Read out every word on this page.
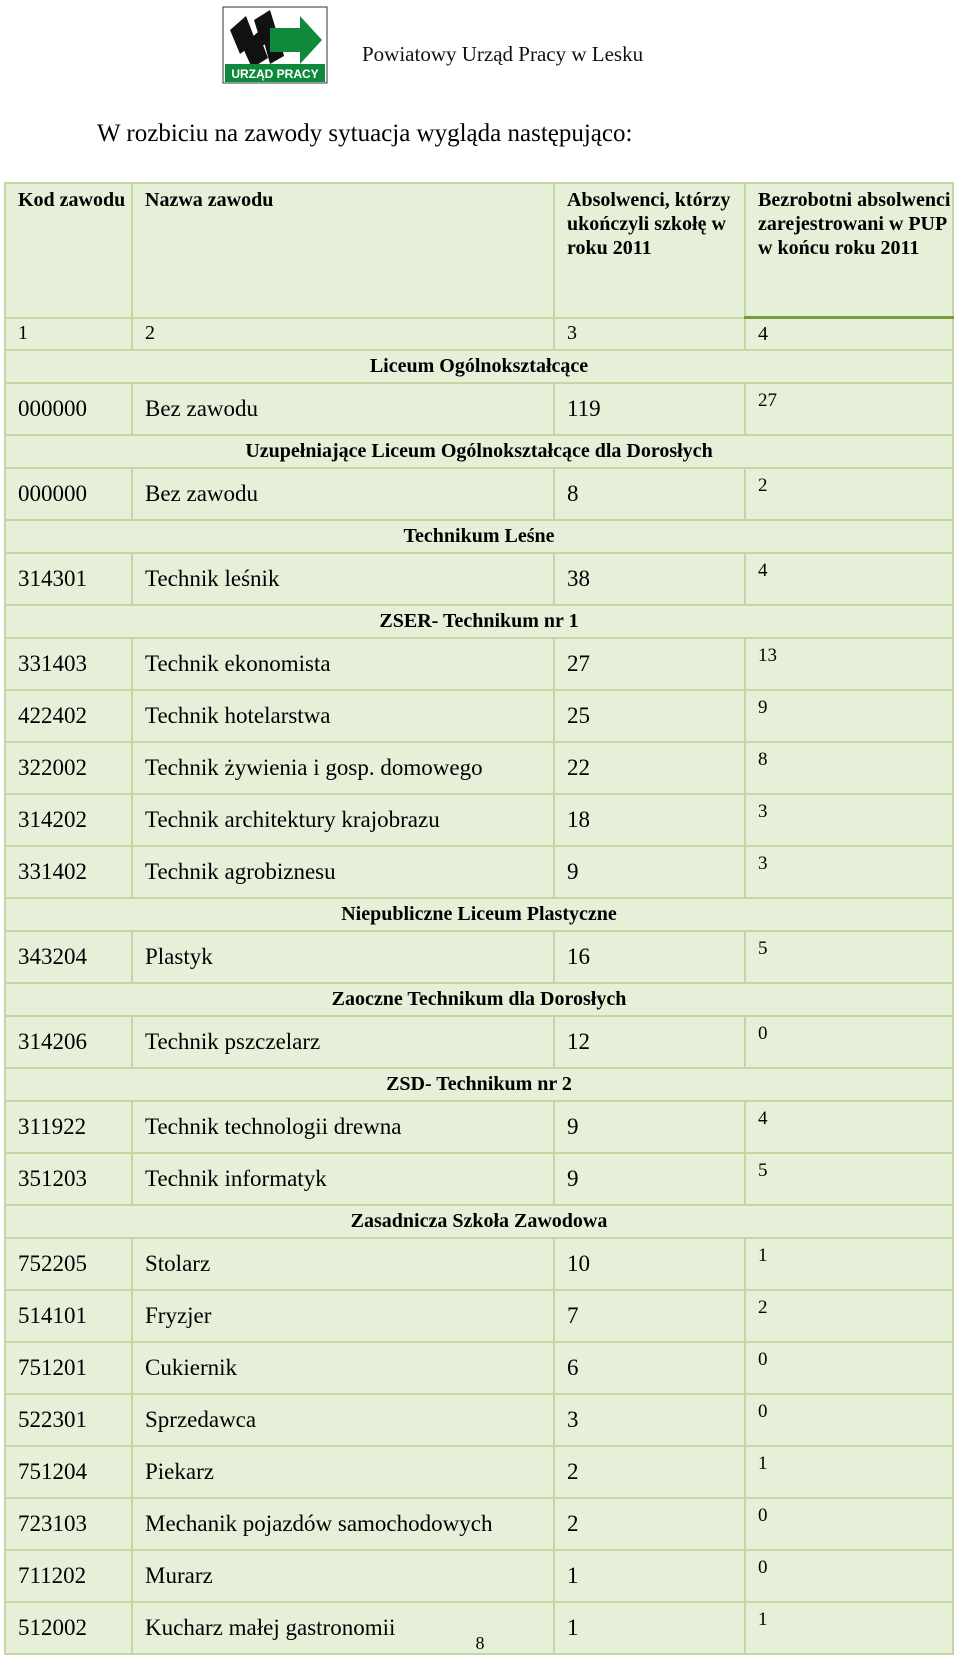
URZĄD PRACY
Powiatowy Urząd Pracy w Lesku
W rozbiciu na zawody sytuacja wygląda następująco:
Kod zawodu	Nazwa zawodu	Absolwenci, którzy ukończyli szkołę w roku 2011	Bezrobotni absolwenci zarejestrowani w PUP w końcu roku 2011
1	2	3	4
Liceum Ogólnokształcące			
000000	Bez zawodu	119	27
Uzupełniające Liceum Ogólnokształcące dla Dorosłych			
000000	Bez zawodu	8	2
Technikum Leśne			
314301	Technik leśnik	38	4
ZSER- Technikum nr 1			
331403	Technik ekonomista	27	13
422402	Technik hotelarstwa	25	9
322002	Technik żywienia i gosp. domowego	22	8
314202	Technik architektury krajobrazu	18	3
331402	Technik agrobiznesu	9	3
Niepubliczne Liceum Plastyczne			
343204	Plastyk	16	5
Zaoczne Technikum dla Dorosłych			
314206	Technik pszczelarz	12	0
ZSD- Technikum nr 2			
311922	Technik technologii drewna	9	4
351203	Technik informatyk	9	5
Zasadnicza Szkoła Zawodowa			
752205	Stolarz	10	1
514101	Fryzjer	7	2
751201	Cukiernik	6	0
522301	Sprzedawca	3	0
751204	Piekarz	2	1
723103	Mechanik pojazdów samochodowych	2	0
711202	Murarz	1	0
512002	Kucharz małej gastronomii	1	1
8
